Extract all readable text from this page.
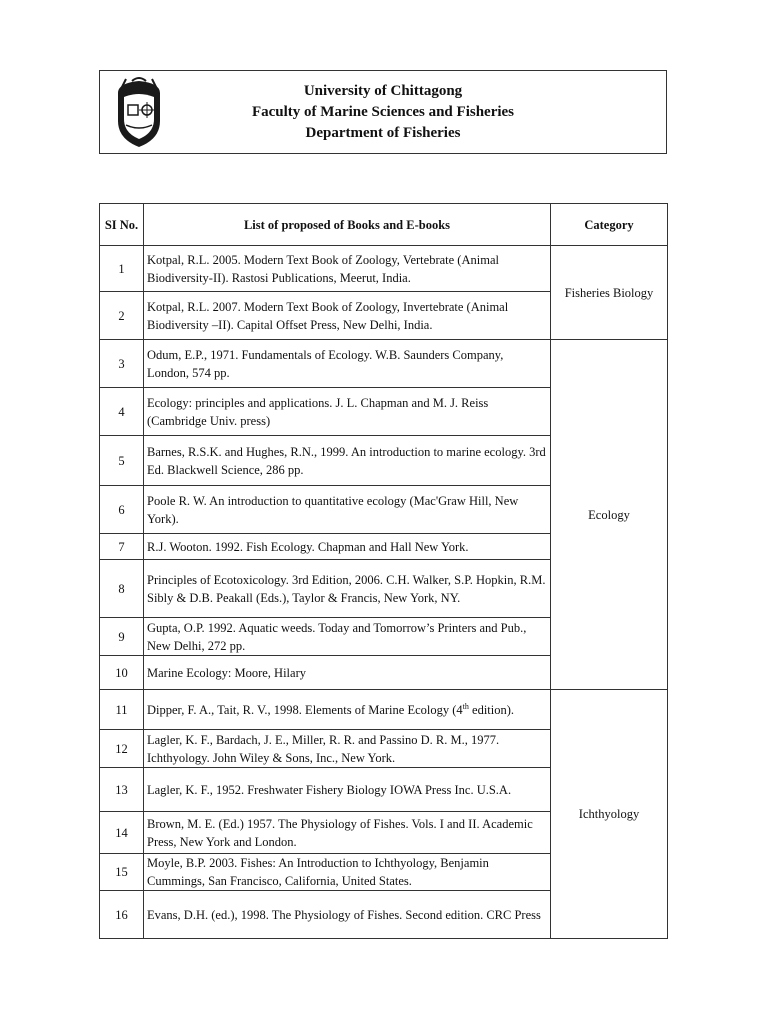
University of Chittagong
Faculty of Marine Sciences and Fisheries
Department of Fisheries
SI No.	List of proposed of Books and E-books	Category
1	Kotpal, R.L. 2005. Modern Text Book of Zoology, Vertebrate (Animal Biodiversity-II). Rastosi Publications, Meerut, India.	Fisheries Biology
2	Kotpal, R.L. 2007. Modern Text Book of Zoology, Invertebrate (Animal Biodiversity –II). Capital Offset Press, New Delhi, India.	
3	Odum, E.P., 1971. Fundamentals of Ecology. W.B. Saunders Company, London, 574 pp.	Ecology
4	Ecology: principles and applications. J. L. Chapman and M. J. Reiss (Cambridge Univ. press)	
5	Barnes, R.S.K. and Hughes, R.N., 1999. An introduction to marine ecology. 3rd Ed. Blackwell Science, 286 pp.	
6	Poole R. W. An introduction to quantitative ecology (Mac'Graw Hill, New York).	
7	R.J. Wooton. 1992. Fish Ecology. Chapman and Hall New York.	
8	Principles of Ecotoxicology. 3rd Edition, 2006. C.H. Walker, S.P. Hopkin, R.M. Sibly & D.B. Peakall (Eds.), Taylor & Francis, New York, NY.	
9	Gupta, O.P. 1992. Aquatic weeds. Today and Tomorrow’s Printers and Pub., New Delhi, 272 pp.	
10	Marine Ecology: Moore, Hilary	
11	Dipper, F. A., Tait, R. V., 1998. Elements of Marine Ecology (4th edition).	Ichthyology
12	Lagler, K. F., Bardach, J. E., Miller, R. R. and Passino D. R. M., 1977. Ichthyology. John Wiley & Sons, Inc., New York.	
13	Lagler, K. F., 1952. Freshwater Fishery Biology IOWA Press Inc. U.S.A.	
14	Brown, M. E. (Ed.) 1957. The Physiology of Fishes. Vols. I and II. Academic Press, New York and London.	
15	Moyle, B.P. 2003. Fishes: An Introduction to Ichthyology, Benjamin Cummings, San Francisco, California, United States.	
16	Evans, D.H. (ed.), 1998. The Physiology of Fishes. Second edition. CRC Press	
